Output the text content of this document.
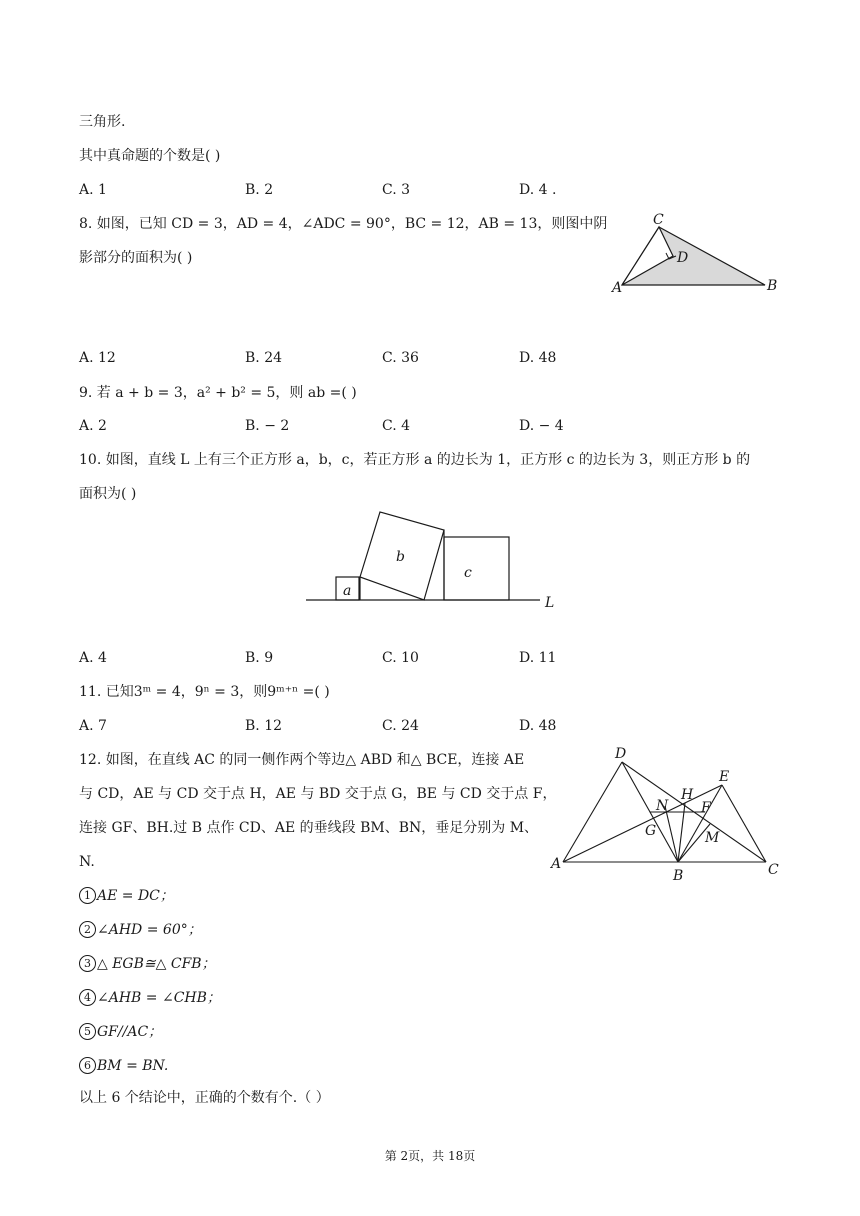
三角形.
其中真命题的个数是( )
A. 1	B. 2	C. 3	D. 4 .
8. 如图，已知 CD = 3，AD = 4，∠ADC = 90°，BC = 12，AB = 13，则图中阴
影部分的面积为( )
C
D
A	B
A. 12	B. 24	C. 36	D. 48
9. 若 a + b = 3，a² + b² = 5，则 ab =( )
A. 2	B. − 2	C. 4	D. − 4
10. 如图，直线 L 上有三个正方形 a，b，c，若正方形 a 的边长为 1，正方形 c 的边长为 3，则正方形 b 的
面积为( )
a
b
c
L
A. 4	B. 9	C. 10	D. 11
11. 已知3ᵐ = 4，9ⁿ = 3，则9ᵐ⁺ⁿ =( )
A. 7	B. 12	C. 24	D. 48
12. 如图，在直线 AC 的同一侧作两个等边△ ABD 和△ BCE，连接 AE
与 CD，AE 与 CD 交于点 H，AE 与 BD 交于点 G，BE 与 CD 交于点 F，
连接 GF、BH.过 B 点作 CD、AE 的垂线段 BM、BN，垂足分别为 M、
N.
D
E
H
N F
G	M
A
B	C
1 AE = DC；
2 ∠AHD = 60°；
3 △ EGB≅△ CFB；
4 ∠AHB = ∠CHB；
5 GF//AC；
6 BM = BN.
以上 6 个结论中，正确的个数有个.（ ）
第 2页，共 18页
